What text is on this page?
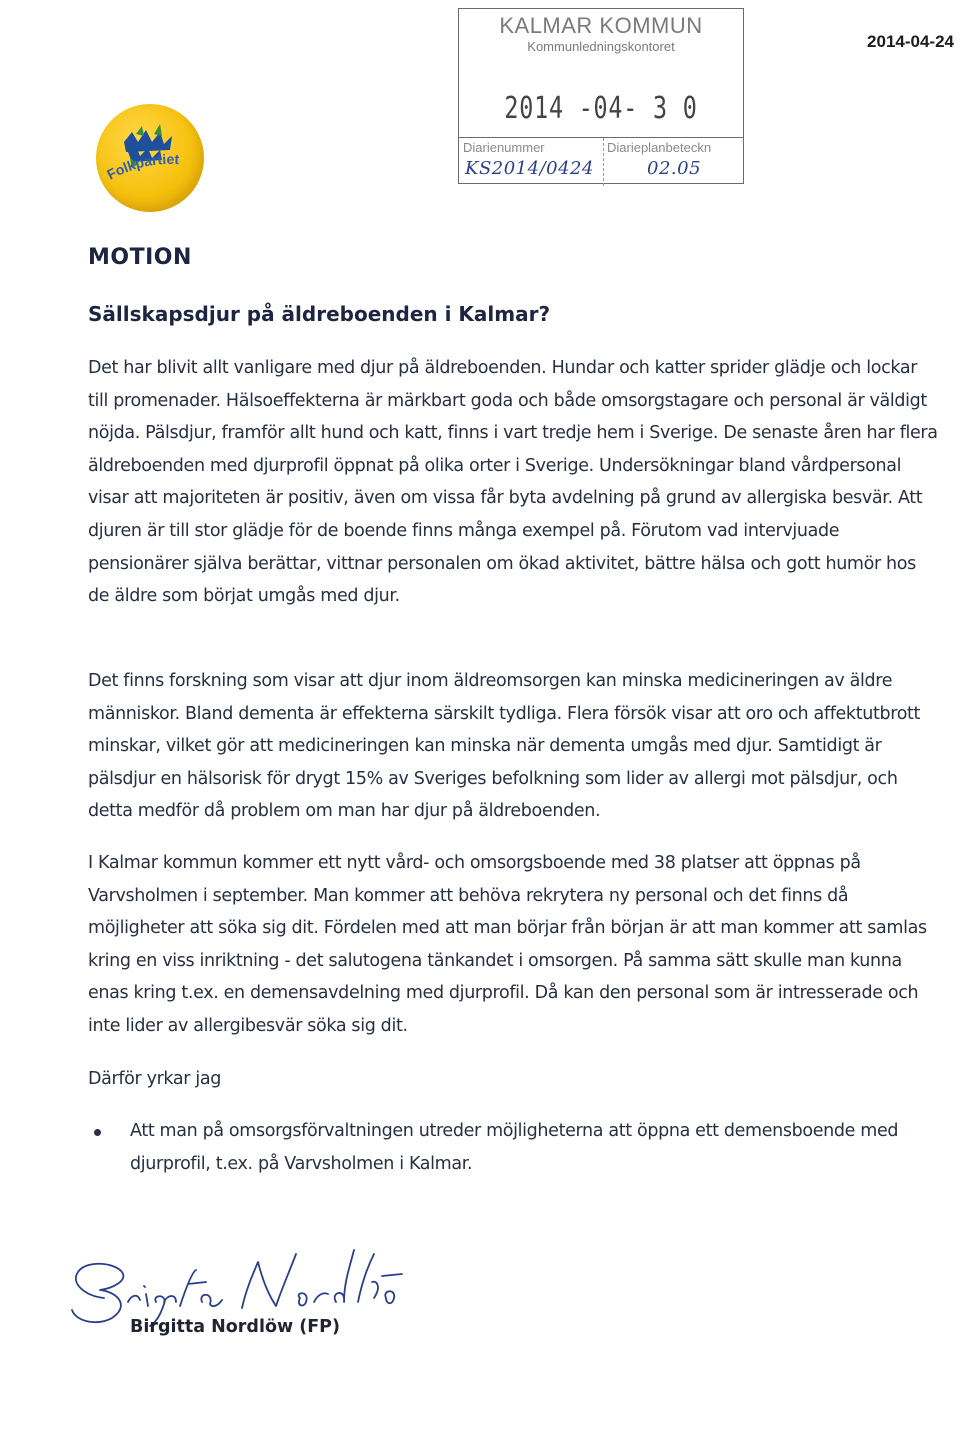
2014-04-24
Folkpartiet
KALMAR KOMMUN
Kommunledningskontoret
2014 -04- 3 0
Diarienummer
KS2014/0424
Diarieplanbeteckn
02.05
MOTION
Sällskapsdjur på äldreboenden i Kalmar?

Det har blivit allt vanligare med djur på äldreboenden. Hundar och katter sprider glädje och lockar till promenader. Hälsoeffekterna är märkbart goda och både omsorgstagare och personal är väldigt nöjda. Pälsdjur, framför allt hund och katt, finns i vart tredje hem i Sverige. De senaste åren har flera äldreboenden med djurprofil öppnat på olika orter i Sverige. Undersökningar bland vårdpersonal visar att majoriteten är positiv, även om vissa får byta avdelning på grund av allergiska besvär. Att djuren är till stor glädje för de boende finns många exempel på. Förutom vad intervjuade pensionärer själva berättar, vittnar personalen om ökad aktivitet, bättre hälsa och gott humör hos de äldre som börjat umgås med djur.

Det finns forskning som visar att djur inom äldreomsorgen kan minska medicineringen av äldre människor. Bland dementa är effekterna särskilt tydliga. Flera försök visar att oro och affektutbrott minskar, vilket gör att medicineringen kan minska när dementa umgås med djur. Samtidigt är pälsdjur en hälsorisk för drygt 15% av Sveriges befolkning som lider av allergi mot pälsdjur, och detta medför då problem om man har djur på äldreboenden.

I Kalmar kommun kommer ett nytt vård- och omsorgsboende med 38 platser att öppnas på Varvsholmen i september. Man kommer att behöva rekrytera ny personal och det finns då möjligheter att söka sig dit. Fördelen med att man börjar från början är att man kommer att samlas kring en viss inriktning - det salutogena tänkandet i omsorgen. På samma sätt skulle man kunna enas kring t.ex. en demensavdelning med djurprofil. Då kan den personal som är intresserade och inte lider av allergibesvär söka sig dit.

Därför yrkar jag

Att man på omsorgsförvaltningen utreder möjligheterna att öppna ett demensboende med djurprofil, t.ex. på Varvsholmen i Kalmar.

Birgitta Nordlöw (FP)
